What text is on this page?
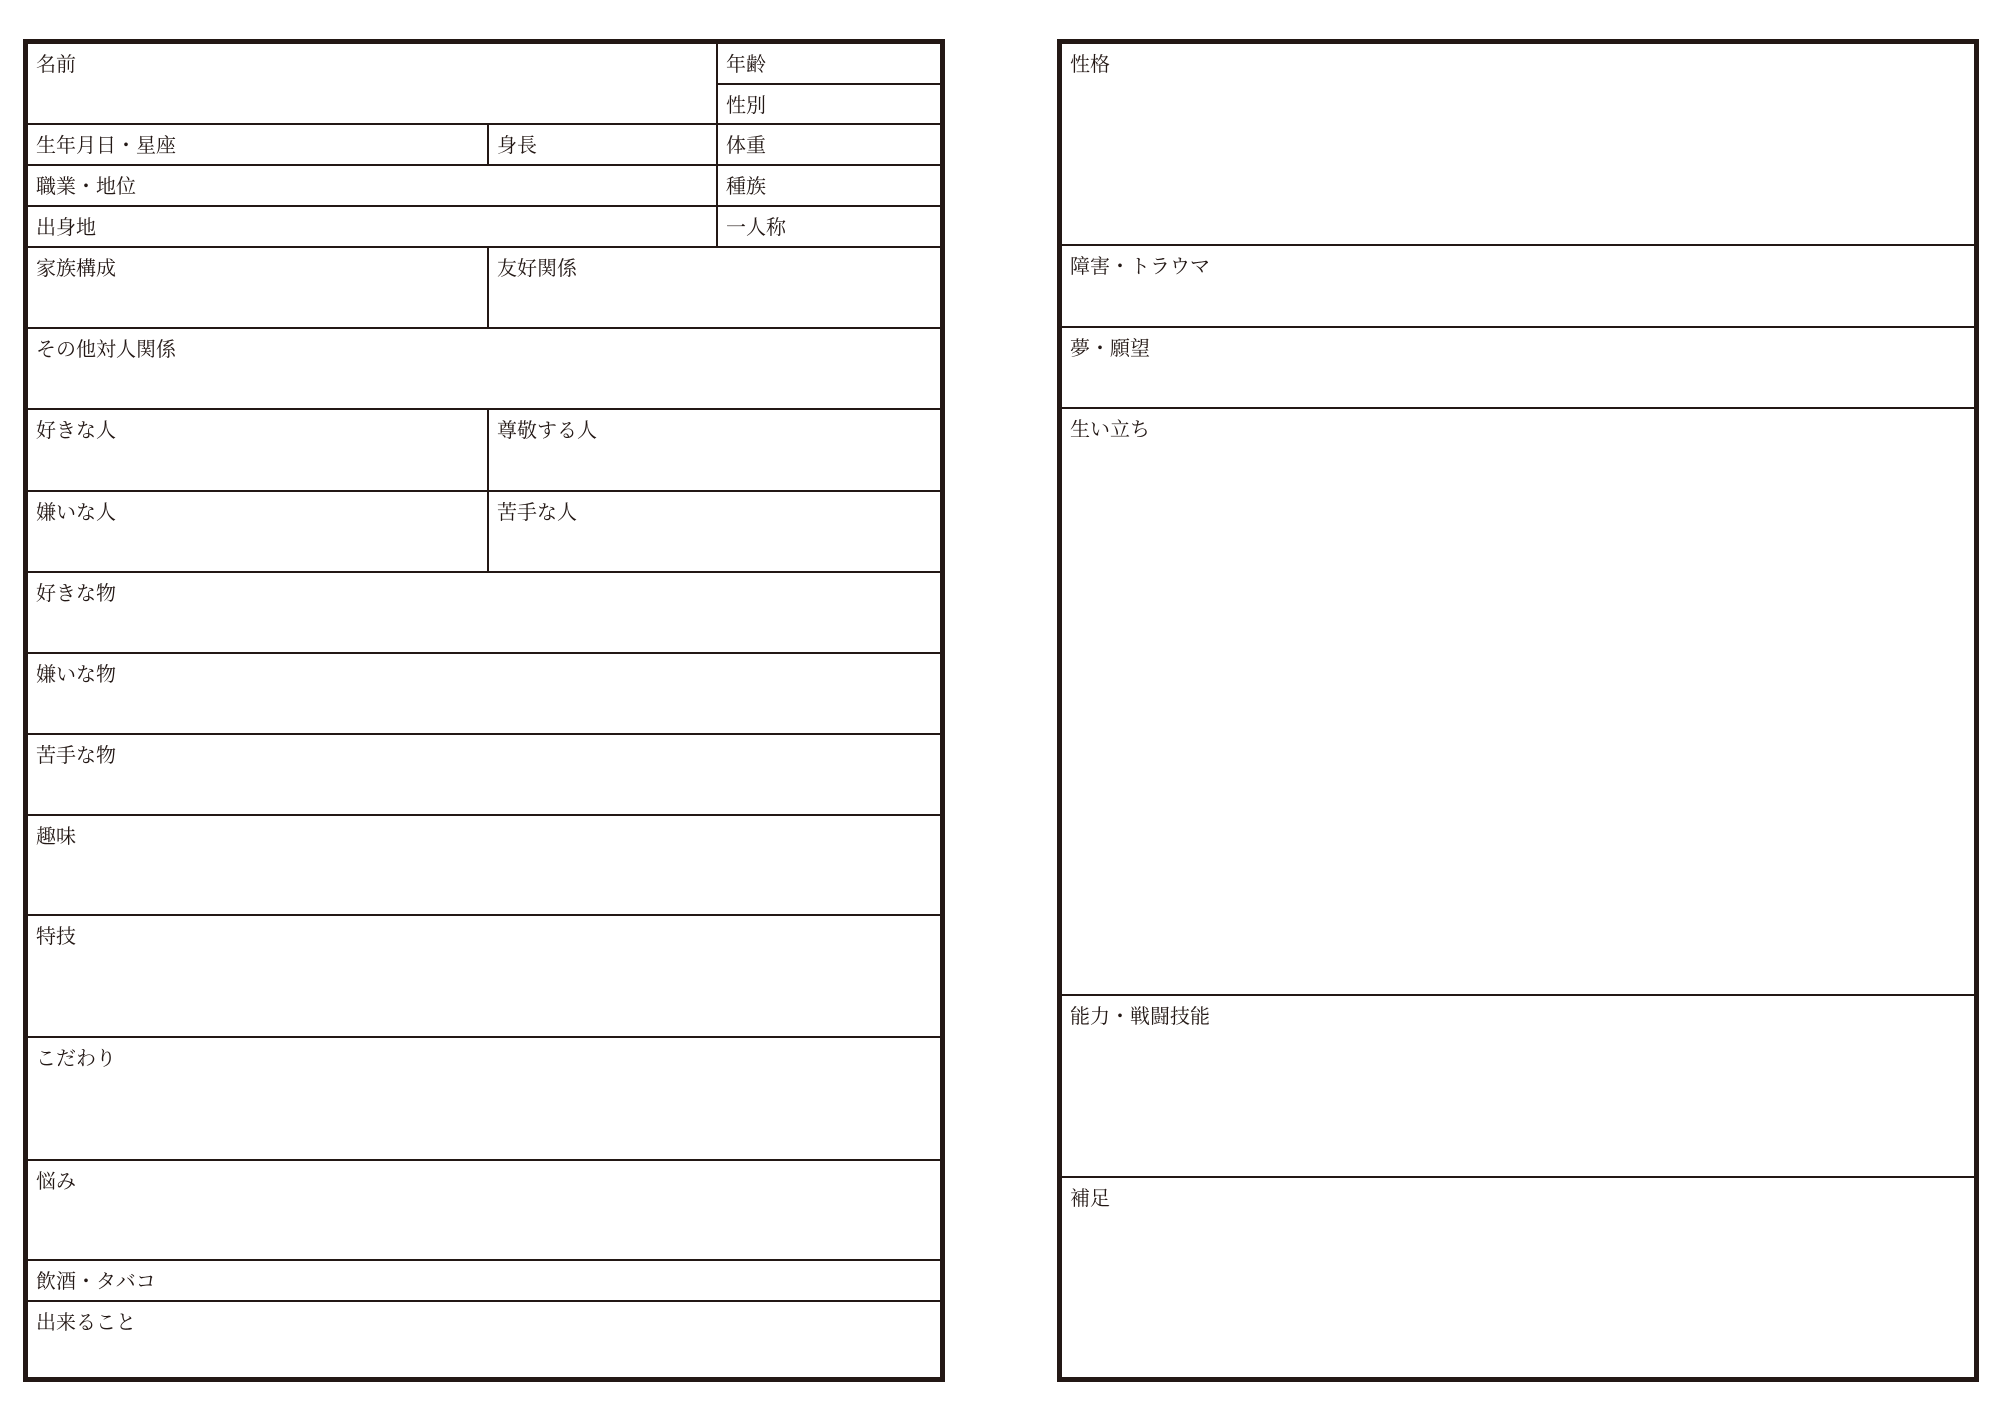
名前	年齢
性別
生年月日・星座	身長	体重
職業・地位	種族
出身地	一人称
家族構成	友好関係
その他対人関係
好きな人	尊敬する人
嫌いな人	苦手な人
好きな物
嫌いな物
苦手な物
趣味
特技
こだわり
悩み
飲酒・タバコ
出来ること
性格
障害・トラウマ
夢・願望
生い立ち
能力・戦闘技能
補足
